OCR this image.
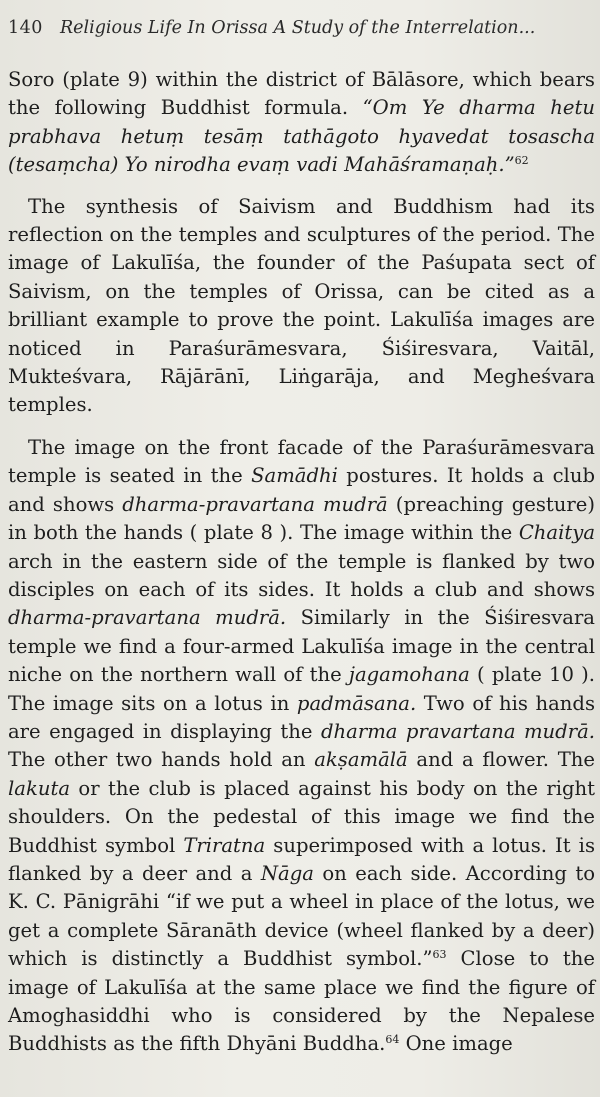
140 Religious Life In Orissa A Study of the Interrelation...

Soro (plate 9) within the district of Bālāsore, which bears the following Buddhist formula. “Om Ye dharma hetu prabhava hetuṃ tesāṃ tathāgoto hyavedat tosascha (tesaṃcha) Yo nirodha evaṃ vadi Mahāśramaṇaḥ.”$^{62}$

The synthesis of Saivism and Buddhism had its reflection on the temples and sculptures of the period. The image of Lakulīśa, the founder of the Paśupata sect of Saivism, on the temples of Orissa, can be cited as a brilliant example to prove the point. Lakulīśa images are noticed in Paraśurāmesvara, Śiśiresvara, Vaitāl, Mukteśvara, Rājārānī, Liṅgarāja, and Megheśvara temples.

The image on the front facade of the Paraśurāmesvara temple is seated in the Samādhi postures. It holds a club and shows dharma-pravartana mudrā (preaching gesture) in both the hands ( plate 8 ). The image within the Chaitya arch in the eastern side of the temple is flanked by two disciples on each of its sides. It holds a club and shows dharma-pravartana mudrā. Similarly in the Śiśiresvara temple we find a four-armed Lakulīśa image in the central niche on the northern wall of the jagamohana ( plate 10 ). The image sits on a lotus in padmāsana. Two of his hands are engaged in displaying the dharma pravartana mudrā. The other two hands hold an akṣamālā and a flower. The lakuta or the club is placed against his body on the right shoulders. On the pedestal of this image we find the Buddhist symbol Triratna superimposed with a lotus. It is flanked by a deer and a Nāga on each side. According to K. C. Pānigrāhi “if we put a wheel in place of the lotus, we get a complete Sāranāth device (wheel flanked by a deer) which is distinctly a Buddhist symbol.”$^{63}$ Close to the image of Lakulīśa at the same place we find the figure of Amoghasiddhi who is considered by the Nepalese Buddhists as the fifth Dhyāni Buddha.$^{64}$ One image
